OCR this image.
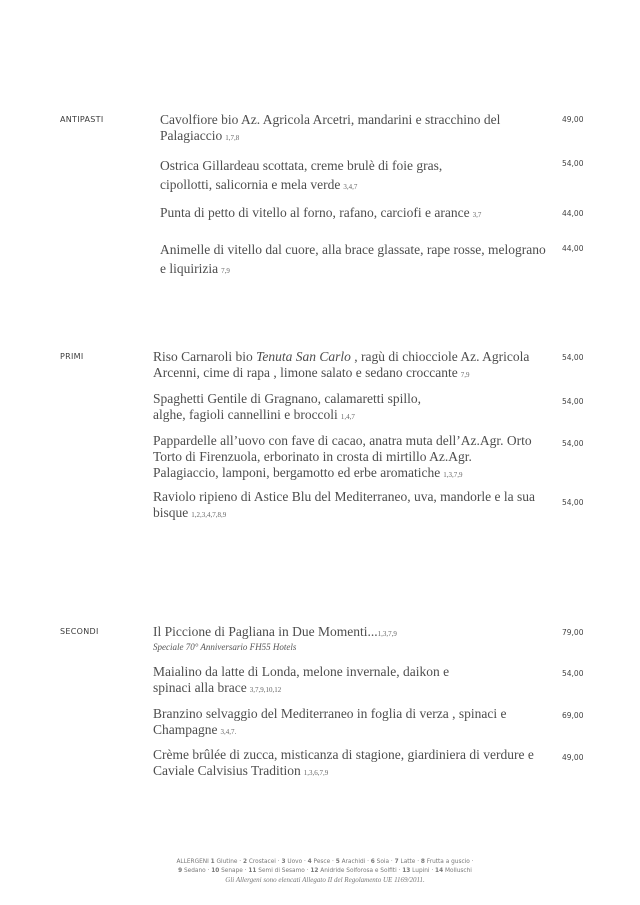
ANTIPASTI	Cavolfiore bio Az. Agricola Arcetri, mandarini e stracchino del Palagiaccio 1,7,8
49,00
Ostrica Gillardeau scottata, creme brulè di foie gras, cipollotti, salicornia e mela verde 3,4,7
54,00
Punta di petto di vitello al forno, rafano, carciofi e arance 3,7	44,00
Animelle di vitello dal cuore, alla brace glassate, rape rosse, melograno e liquirizia 7,9
44,00
PRIMI	Riso Carnaroli bio Tenuta San Carlo , ragù di chiocciole Az. Agricola Arcenni, cime di rapa , limone salato e sedano croccante 7,9
54,00
Spaghetti Gentile di Gragnano, calamaretti spillo, alghe, fagioli cannellini e broccoli 1,4,7
54,00
Pappardelle all’uovo con fave di cacao, anatra muta dell’Az.Agr. Orto Torto di Firenzuola, erborinato in crosta di mirtillo Az.Agr. Palagiaccio, lamponi, bergamotto ed erbe aromatiche 1,3,7,9
54,00
Raviolo ripieno di Astice Blu del Mediterraneo, uva, mandorle e la sua bisque 1,2,3,4,7,8,9
54,00
SECONDI	Il Piccione di Pagliana in Due Momenti...1,3,7,9
Speciale 70° Anniversario FH55 Hotels
79,00
Maialino da latte di Londa, melone invernale, daikon e spinaci alla brace 3,7,9,10,12
54,00
Branzino selvaggio del Mediterraneo in foglia di verza , spinaci e Champagne 3,4,7.
69,00
Crème brûlée di zucca, misticanza di stagione, giardiniera di verdure e Caviale Calvisius Tradition 1,3,6,7,9
49,00
ALLERGENI 1 Glutine · 2 Crostacei · 3 Uovo · 4 Pesce · 5 Arachidi · 6 Soia · 7 Latte · 8 Frutta a guscio ·
9 Sedano · 10 Senape · 11 Semi di Sesamo · 12 Anidride Solforosa e Solfiti · 13 Lupini · 14 Molluschi
Gli Allergeni sono elencati Allegato II del Regolamento UE 1169/2011.
